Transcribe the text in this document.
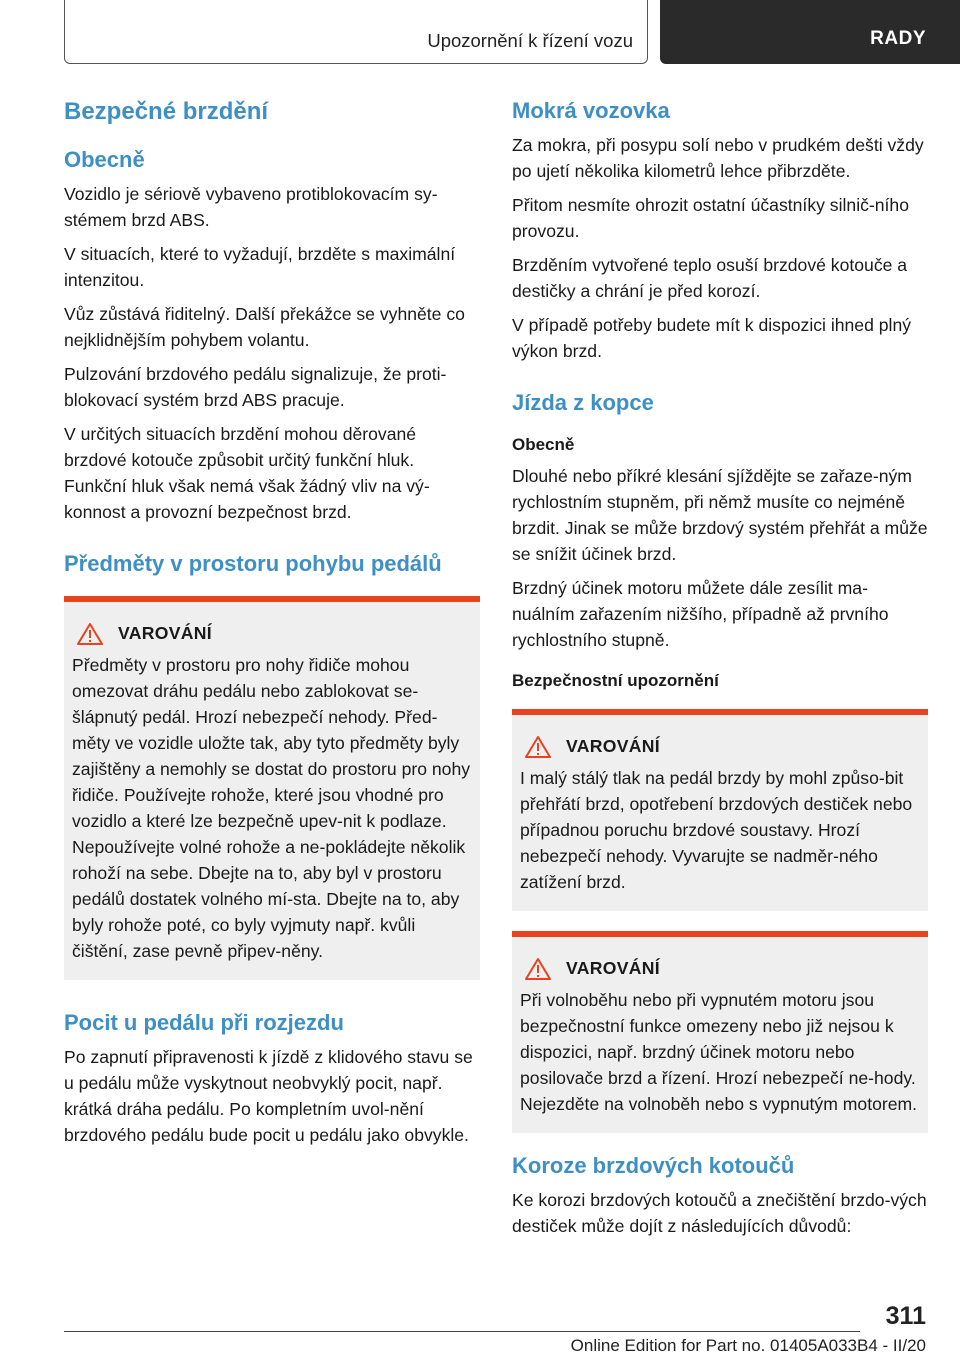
Upozornění k řízení vozu	RADY
Bezpečné brzdění
Obecně

Vozidlo je sériově vybaveno protiblokovacím sy-stémem brzd ABS.

V situacích, které to vyžadují, brzděte s maximální intenzitou.

Vůz zůstává řiditelný. Další překážce se vyhněte co nejklidnějším pohybem volantu.

Pulzování brzdového pedálu signalizuje, že proti-blokovací systém brzd ABS pracuje.

V určitých situacích brzdění mohou děrované brzdové kotouče způsobit určitý funkční hluk. Funkční hluk však nemá však žádný vliv na vý-konnost a provozní bezpečnost brzd.

Předměty v prostoru pohybu pedálů
VAROVÁNÍ

Předměty v prostoru pro nohy řidiče mohou omezovat dráhu pedálu nebo zablokovat se-šlápnutý pedál. Hrozí nebezpečí nehody. Před-měty ve vozidle uložte tak, aby tyto předměty byly zajištěny a nemohly se dostat do prostoru pro nohy řidiče. Používejte rohože, které jsou vhodné pro vozidlo a které lze bezpečně upev-nit k podlaze. Nepoužívejte volné rohože a ne-pokládejte několik rohoží na sebe. Dbejte na to, aby byl v prostoru pedálů dostatek volného mí-sta. Dbejte na to, aby byly rohože poté, co byly vyjmuty např. kvůli čištění, zase pevně připev-něny.

Pocit u pedálu při rozjezdu

Po zapnutí připravenosti k jízdě z klidového stavu se u pedálu může vyskytnout neobvyklý pocit, např. krátká dráha pedálu. Po kompletním uvol-nění brzdového pedálu bude pocit u pedálu jako obvykle.

Mokrá vozovka

Za mokra, při posypu solí nebo v prudkém dešti vždy po ujetí několika kilometrů lehce přibrzděte.

Přitom nesmíte ohrozit ostatní účastníky silnič-ního provozu.

Brzděním vytvořené teplo osuší brzdové kotouče a destičky a chrání je před korozí.

V případě potřeby budete mít k dispozici ihned plný výkon brzd.

Jízda z kopce
Obecně

Dlouhé nebo příkré klesání sjíždějte se zařaze-ným rychlostním stupněm, při němž musíte co nejméně brzdit. Jinak se může brzdový systém přehřát a může se snížit účinek brzd.

Brzdný účinek motoru můžete dále zesílit ma-nuálním zařazením nižšího, případně až prvního rychlostního stupně.

Bezpečnostní upozornění
VAROVÁNÍ

I malý stálý tlak na pedál brzdy by mohl způso-bit přehřátí brzd, opotřebení brzdových destiček nebo případnou poruchu brzdové soustavy. Hrozí nebezpečí nehody. Vyvarujte se nadměr-ného zatížení brzd.

VAROVÁNÍ

Při volnoběhu nebo při vypnutém motoru jsou bezpečnostní funkce omezeny nebo již nejsou k dispozici, např. brzdný účinek motoru nebo posilovače brzd a řízení. Hrozí nebezpečí ne-hody. Nejezděte na volnoběh nebo s vypnutým motorem.

Koroze brzdových kotoučů

Ke korozi brzdových kotoučů a znečištění brzdo-vých destiček může dojít z následujících důvodů:

311
Online Edition for Part no. 01405A033B4 - II/20
